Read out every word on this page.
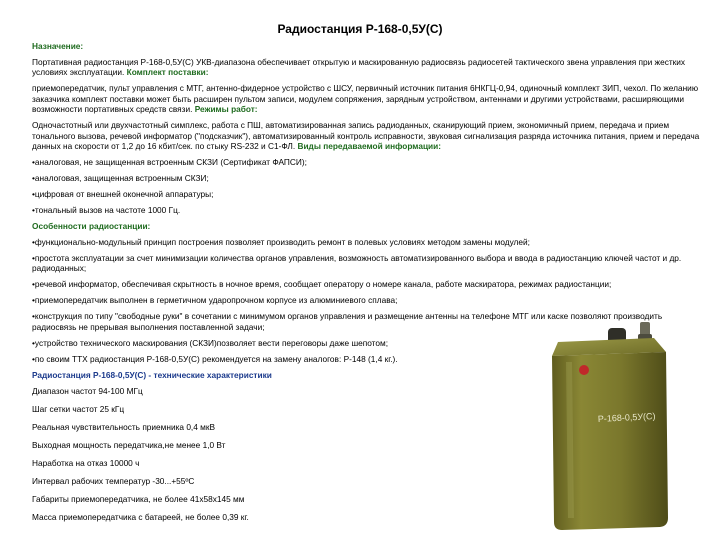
Радиостанция Р-168-0,5У(С)

Назначение:

Портативная радиостанция Р-168-0,5У(С) УКВ-диапазона обеспечивает открытую и маскированную радиосвязь радиосетей тактического звена управления при жестких условиях эксплуатации. Комплект поставки:

приемопередатчик, пульт управления с МТГ, антенно-фидерное устройство с ШСУ, первичный источник питания 6НКГЦ-0,94, одиночный комплект ЗИП, чехол. По желанию заказчика комплект поставки может быть расширен пультом записи, модулем сопряжения, зарядным устройством, антеннами и другими устройствами, расширяющими возможности портативных средств связи. Режимы работ:

Одночастотный или двухчастотный симплекс, работа с ПШ, автоматизированная запись радиоданных, сканирующий прием, экономичный прием, передача и прием тонального вызова, речевой информатор ("подсказчик"), автоматизированный контроль исправности, звуковая сигнализация разряда источника питания, прием и передача данных на скорости от 1,2 до 16 кбит/сек. по стыку RS-232 и С1-ФЛ. Виды передаваемой информации:

• аналоговая, не защищенная встроенным СКЗИ (Сертификат ФАПСИ);

• аналоговая, защищенная встроенным СКЗИ;

• цифровая от внешней оконечной аппаратуры;

• тональный вызов на частоте 1000 Гц.

Особенности радиостанции:

• функционально-модульный принцип построения позволяет производить ремонт в полевых условиях методом замены модулей;

• простота эксплуатации за счет минимизации количества органов управления, возможность автоматизированного выбора и ввода в радиостанцию ключей частот и др. радиоданных;

• речевой информатор, обеспечивая скрытность в ночное время, сообщает оператору о номере канала, работе маскиратора, режимах радиостанции;

• приемопередатчик выполнен в герметичном ударопрочном корпусе из алюминиевого сплава;

• конструкция по типу "свободные руки" в сочетании с минимумом органов управления и размещение антенны на телефоне МТГ или каске позволяют производить радиосвязь не прерывая выполнения поставленной задачи;

• устройство технического маскирования (СКЗИ)позволяет вести переговоры даже шепотом;

• по своим ТТХ радиостанция Р-168-0,5У(С) рекомендуется на замену аналогов: Р-148 (1,4 кг.).

Радиостанция Р-168-0,5У(С) - технические характеристики

Диапазон частот 94-100 МГц

Шаг сетки частот 25 кГц

Реальная чувствительность приемника 0,4 мкВ

Выходная мощность передатчика,не менее 1,0 Вт

Наработка на отказ 10000 ч

Интервал рабочих температур -30...+55ºС

Габариты приемопередатчика, не более 41х58х145 мм

Масса приемопередатчика с батареей, не более 0,39 кг.

Р-168-0,5У(С)
